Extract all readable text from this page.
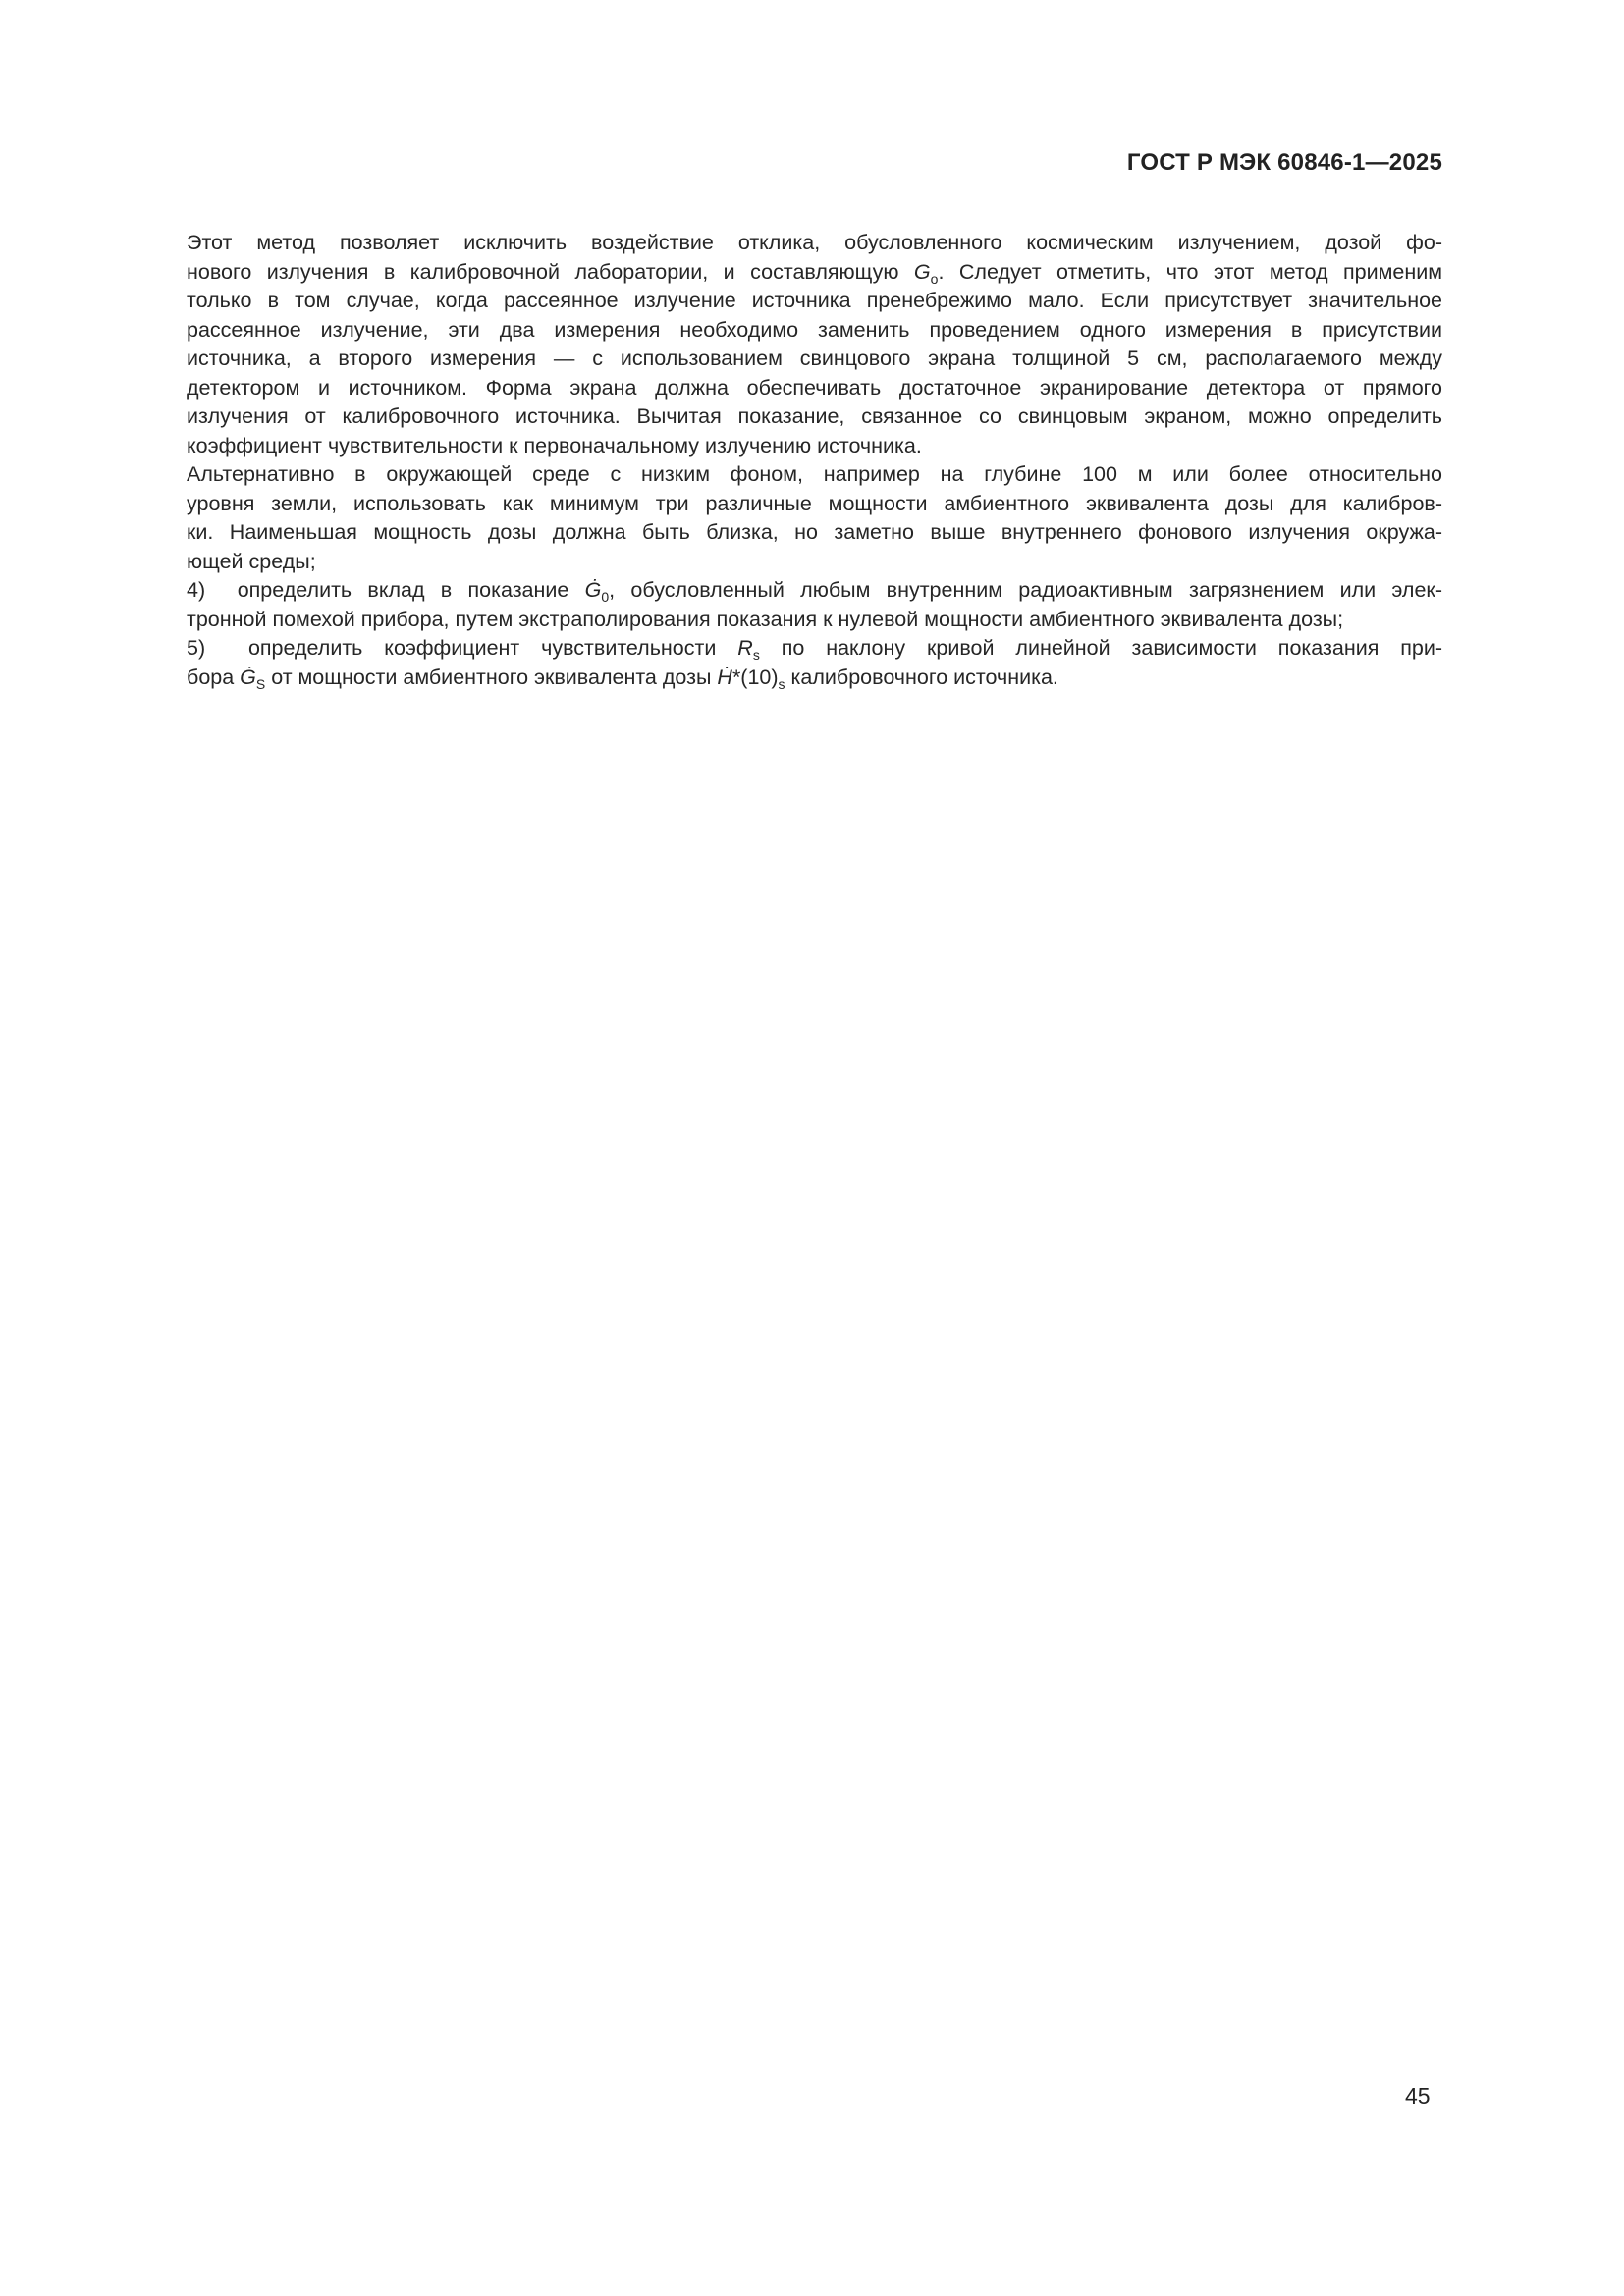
ГОСТ Р МЭК 60846-1—2025

Этот метод позволяет исключить воздействие отклика, обусловленного космическим излучением, дозой фо-
нового излучения в калибровочной лаборатории, и составляющую $G_o$. Следует отметить, что этот метод применим
только в том случае, когда рассеянное излучение источника пренебрежимо мало. Если присутствует значительное
рассеянное излучение, эти два измерения необходимо заменить проведением одного измерения в присутствии
источника, а второго измерения — с использованием свинцового экрана толщиной 5 см, располагаемого между
детектором и источником. Форма экрана должна обеспечивать достаточное экранирование детектора от прямого
излучения от калибровочного источника. Вычитая показание, связанное со свинцовым экраном, можно определить
коэффициент чувствительности к первоначальному излучению источника.

Альтернативно в окружающей среде с низким фоном, например на глубине 100 м или более относительно
уровня земли, использовать как минимум три различные мощности амбиентного эквивалента дозы для калибров-
ки. Наименьшая мощность дозы должна быть близка, но заметно выше внутреннего фонового излучения окружа-
ющей среды;

4) определить вклад в показание $Ġ_0$, обусловленный любым внутренним радиоактивным загрязнением или элек-
тронной помехой прибора, путем экстраполирования показания к нулевой мощности амбиентного эквивалента дозы;

5) определить коэффициент чувствительности $R_s$ по наклону кривой линейной зависимости показания при-
бора $Ġ_S$ от мощности амбиентного эквивалента дозы $Ḣ*(10)_s$ калибровочного источника.

45
